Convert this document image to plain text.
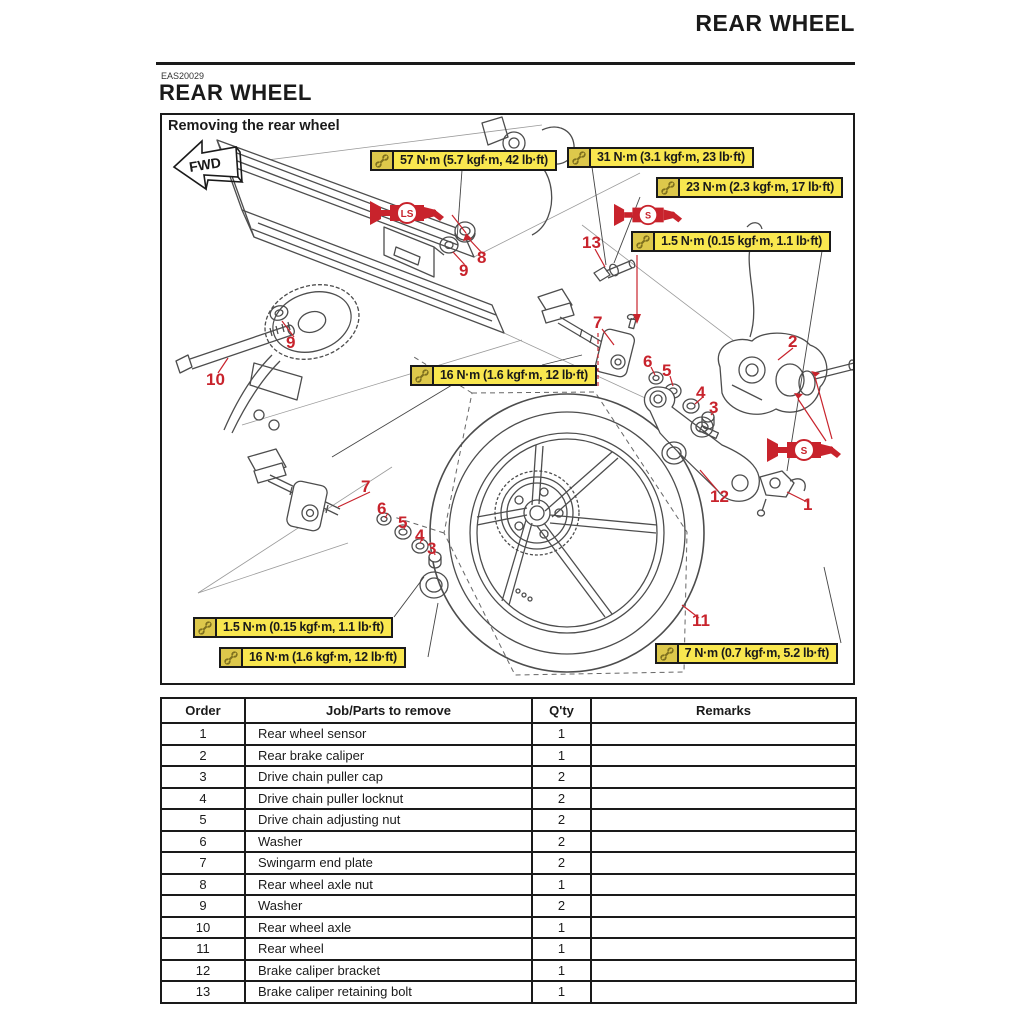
REAR WHEEL
EAS20029
REAR WHEEL
Removing the rear wheel
LS	S
S
FWD	57 N·m (5.7 kgf·m, 42 lb·ft)	31 N·m (3.1 kgf·m, 23 lb·ft)
23 N·m (2.3 kgf·m, 17 lb·ft)
1.5 N·m (0.15 kgf·m, 1.1 lb·ft)
16 N·m (1.6 kgf·m, 12 lb·ft)
1.5 N·m (0.15 kgf·m, 1.1 lb·ft)
16 N·m (1.6 kgf·m, 12 lb·ft)	7 N·m (0.7 kgf·m, 5.2 lb·ft)
13
8
9
9
10
7
6 5
4
3
2
12	1
11
7
6
5
4
3
Order	Job/Parts to remove	Q'ty	Remarks
1	Rear wheel sensor	1	
2	Rear brake caliper	1	
3	Drive chain puller cap	2	
4	Drive chain puller locknut	2	
5	Drive chain adjusting nut	2	
6	Washer	2	
7	Swingarm end plate	2	
8	Rear wheel axle nut	1	
9	Washer	2	
10	Rear wheel axle	1	
11	Rear wheel	1	
12	Brake caliper bracket	1	
13	Brake caliper retaining bolt	1	
